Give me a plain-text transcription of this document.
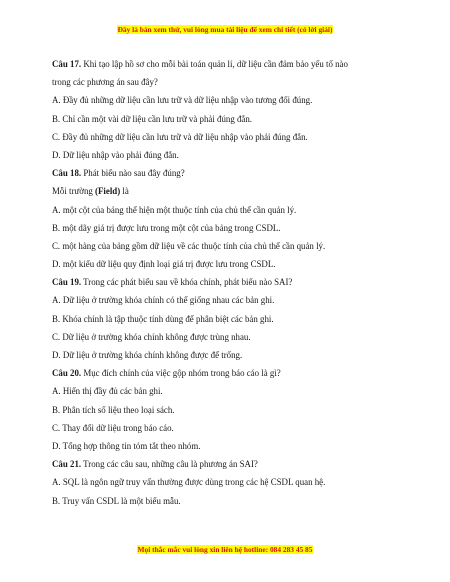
Đây là bản xem thử, vui lòng mua tài liệu để xem chi tiết (có lời giải)
Câu 17. Khi tạo lập hồ sơ cho mỗi bài toán quản lí, dữ liệu cần đảm bảo yếu tố nào
trong các phương án sau đây?
A. Đầy đủ những dữ liệu cần lưu trữ và dữ liệu nhập vào tương đối đúng.
B. Chỉ cần một vài dữ liệu cần lưu trữ và phải đúng đắn.
C. Đầy đủ những dữ liệu cần lưu trữ và dữ liệu nhập vào phải đúng đắn.
D. Dữ liệu nhập vào phải đúng đắn.
Câu 18. Phát biểu nào sau đây đúng?
Mỗi trường (Field) là
A. một cột của bảng thể hiện một thuộc tính của chủ thể cần quản lý.
B. một dãy giá trị được lưu trong một cột của bảng trong CSDL.
C. một hàng của bảng gồm dữ liệu về các thuộc tính của chủ thể cần quản lý.
D. một kiểu dữ liệu quy định loại giá trị được lưu trong CSDL.
Câu 19. Trong các phát biểu sau về khóa chính, phát biểu nào SAI?
A. Dữ liệu ở trường khóa chính có thể giống nhau các bản ghi.
B. Khóa chính là tập thuộc tính dùng để phân biệt các bản ghi.
C. Dữ liệu ở trường khóa chính không được trùng nhau.
D. Dữ liệu ở trường khóa chính không được để trống.
Câu 20. Mục đích chính của việc gộp nhóm trong báo cáo là gì?
A. Hiển thị đầy đủ các bản ghi.
B. Phân tích số liệu theo loại sách.
C. Thay đổi dữ liệu trong báo cáo.
D. Tổng hợp thông tin tóm tắt theo nhóm.
Câu 21. Trong các câu sau, những câu là phương án SAI?
A. SQL là ngôn ngữ truy vấn thường được dùng trong các hệ CSDL quan hệ.
B. Truy vấn CSDL là một biểu mẫu.
Mọi thắc mắc vui lòng xin liên hệ hotline: 084 283 45 85
